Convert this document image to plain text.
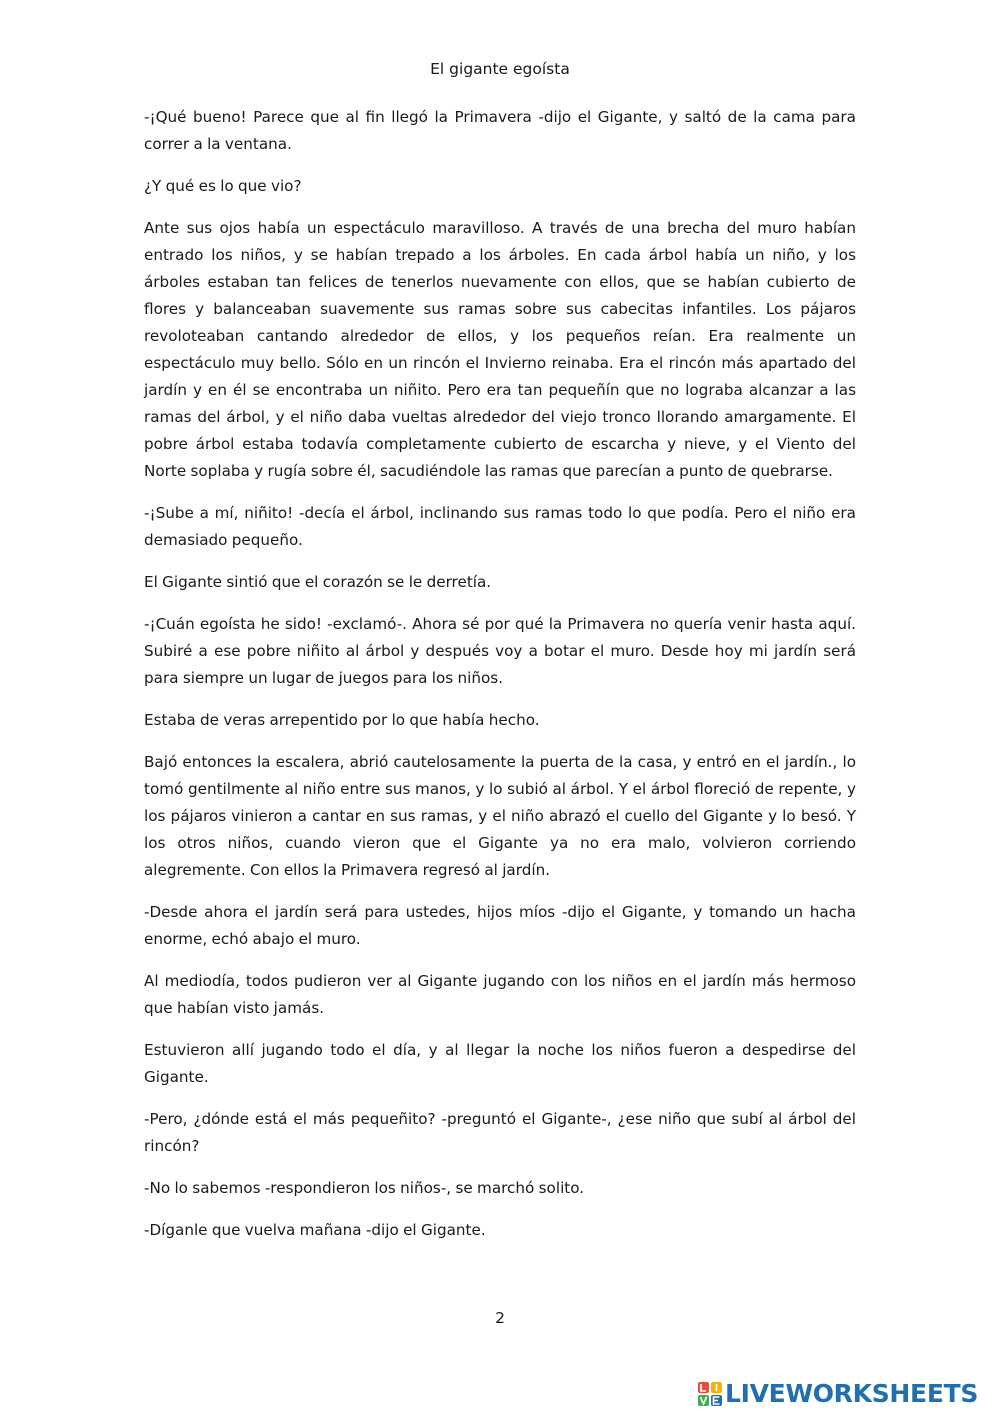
El gigante egoísta

-¡Qué bueno! Parece que al fin llegó la Primavera -dijo el Gigante, y saltó de la cama para correr a la ventana.

¿Y qué es lo que vio?

Ante sus ojos había un espectáculo maravilloso. A través de una brecha del muro habían entrado los niños, y se habían trepado a los árboles. En cada árbol había un niño, y los árboles estaban tan felices de tenerlos nuevamente con ellos, que se habían cubierto de flores y balanceaban suavemente sus ramas sobre sus cabecitas infantiles. Los pájaros revoloteaban cantando alrededor de ellos, y los pequeños reían. Era realmente un espectáculo muy bello. Sólo en un rincón el Invierno reinaba. Era el rincón más apartado del jardín y en él se encontraba un niñito. Pero era tan pequeñín que no lograba alcanzar a las ramas del árbol, y el niño daba vueltas alrededor del viejo tronco llorando amargamente. El pobre árbol estaba todavía completamente cubierto de escarcha y nieve, y el Viento del Norte soplaba y rugía sobre él, sacudiéndole las ramas que parecían a punto de quebrarse.

-¡Sube a mí, niñito! -decía el árbol, inclinando sus ramas todo lo que podía. Pero el niño era demasiado pequeño.

El Gigante sintió que el corazón se le derretía.

-¡Cuán egoísta he sido! -exclamó-. Ahora sé por qué la Primavera no quería venir hasta aquí. Subiré a ese pobre niñito al árbol y después voy a botar el muro. Desde hoy mi jardín será para siempre un lugar de juegos para los niños.

Estaba de veras arrepentido por lo que había hecho.

Bajó entonces la escalera, abrió cautelosamente la puerta de la casa, y entró en el jardín., lo tomó gentilmente al niño entre sus manos, y lo subió al árbol. Y el árbol floreció de repente, y los pájaros vinieron a cantar en sus ramas, y el niño abrazó el cuello del Gigante y lo besó. Y los otros niños, cuando vieron que el Gigante ya no era malo, volvieron corriendo alegremente. Con ellos la Primavera regresó al jardín.

-Desde ahora el jardín será para ustedes, hijos míos -dijo el Gigante, y tomando un hacha enorme, echó abajo el muro.

Al mediodía, todos pudieron ver al Gigante jugando con los niños en el jardín más hermoso que habían visto jamás.

Estuvieron allí jugando todo el día, y al llegar la noche los niños fueron a despedirse del Gigante.

-Pero, ¿dónde está el más pequeñito? -preguntó el Gigante-, ¿ese niño que subí al árbol del rincón?

-No lo sabemos -respondieron los niños-, se marchó solito.

-Díganle que vuelva mañana -dijo el Gigante.

2
LIVEWORKSHEETS
